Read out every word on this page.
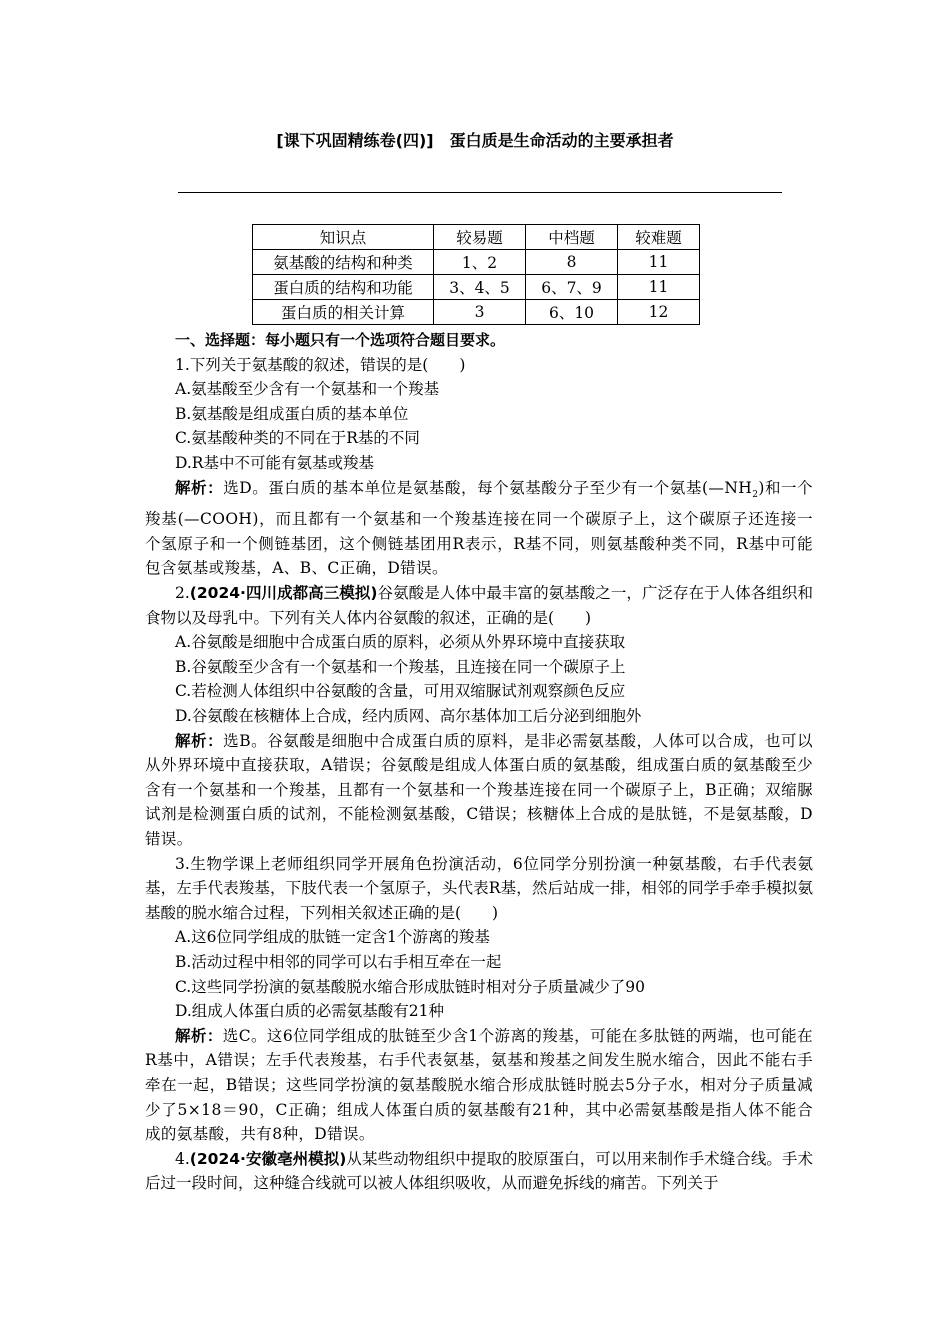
[课下巩固精练卷(四)]　蛋白质是生命活动的主要承担者
知识点	较易题	中档题	较难题
氨基酸的结构和种类	1、2	8	11
蛋白质的结构和功能	3、4、5	6、7、9	11
蛋白质的相关计算	3	6、10	12
一、选择题：每小题只有一个选项符合题目要求。
1.下列关于氨基酸的叙述，错误的是(　　)
A.氨基酸至少含有一个氨基和一个羧基
B.氨基酸是组成蛋白质的基本单位
C.氨基酸种类的不同在于R基的不同
D.R基中不可能有氨基或羧基
解析：选D。蛋白质的基本单位是氨基酸，每个氨基酸分子至少有一个氨基$(—NH_2)$和一个羧基(—COOH)，而且都有一个氨基和一个羧基连接在同一个碳原子上，这个碳原子还连接一个氢原子和一个侧链基团，这个侧链基团用R表示，R基不同，则氨基酸种类不同，R基中可能包含氨基或羧基，A、B、C正确，D错误。
2.(2024·四川成都高三模拟)谷氨酸是人体中最丰富的氨基酸之一，广泛存在于人体各组织和食物以及母乳中。下列有关人体内谷氨酸的叙述，正确的是(　　)
A.谷氨酸是细胞中合成蛋白质的原料，必须从外界环境中直接获取
B.谷氨酸至少含有一个氨基和一个羧基，且连接在同一个碳原子上
C.若检测人体组织中谷氨酸的含量，可用双缩脲试剂观察颜色反应
D.谷氨酸在核糖体上合成，经内质网、高尔基体加工后分泌到细胞外
解析：选B。谷氨酸是细胞中合成蛋白质的原料，是非必需氨基酸，人体可以合成，也可以从外界环境中直接获取，A错误；谷氨酸是组成人体蛋白质的氨基酸，组成蛋白质的氨基酸至少含有一个氨基和一个羧基，且都有一个氨基和一个羧基连接在同一个碳原子上，B正确；双缩脲试剂是检测蛋白质的试剂，不能检测氨基酸，C错误；核糖体上合成的是肽链，不是氨基酸，D错误。
3.生物学课上老师组织同学开展角色扮演活动，6位同学分别扮演一种氨基酸，右手代表氨基，左手代表羧基，下肢代表一个氢原子，头代表R基，然后站成一排，相邻的同学手牵手模拟氨基酸的脱水缩合过程，下列相关叙述正确的是(　　)
A.这6位同学组成的肽链一定含1个游离的羧基
B.活动过程中相邻的同学可以右手相互牵在一起
C.这些同学扮演的氨基酸脱水缩合形成肽链时相对分子质量减少了90
D.组成人体蛋白质的必需氨基酸有21种
解析：选C。这6位同学组成的肽链至少含1个游离的羧基，可能在多肽链的两端，也可能在R基中，A错误；左手代表羧基，右手代表氨基，氨基和羧基之间发生脱水缩合，因此不能右手牵在一起，B错误；这些同学扮演的氨基酸脱水缩合形成肽链时脱去5分子水，相对分子质量减少了5×18＝90，C正确；组成人体蛋白质的氨基酸有21种，其中必需氨基酸是指人体不能合成的氨基酸，共有8种，D错误。
4.(2024·安徽亳州模拟)从某些动物组织中提取的胶原蛋白，可以用来制作手术缝合线。手术后过一段时间，这种缝合线就可以被人体组织吸收，从而避免拆线的痛苦。下列关于
